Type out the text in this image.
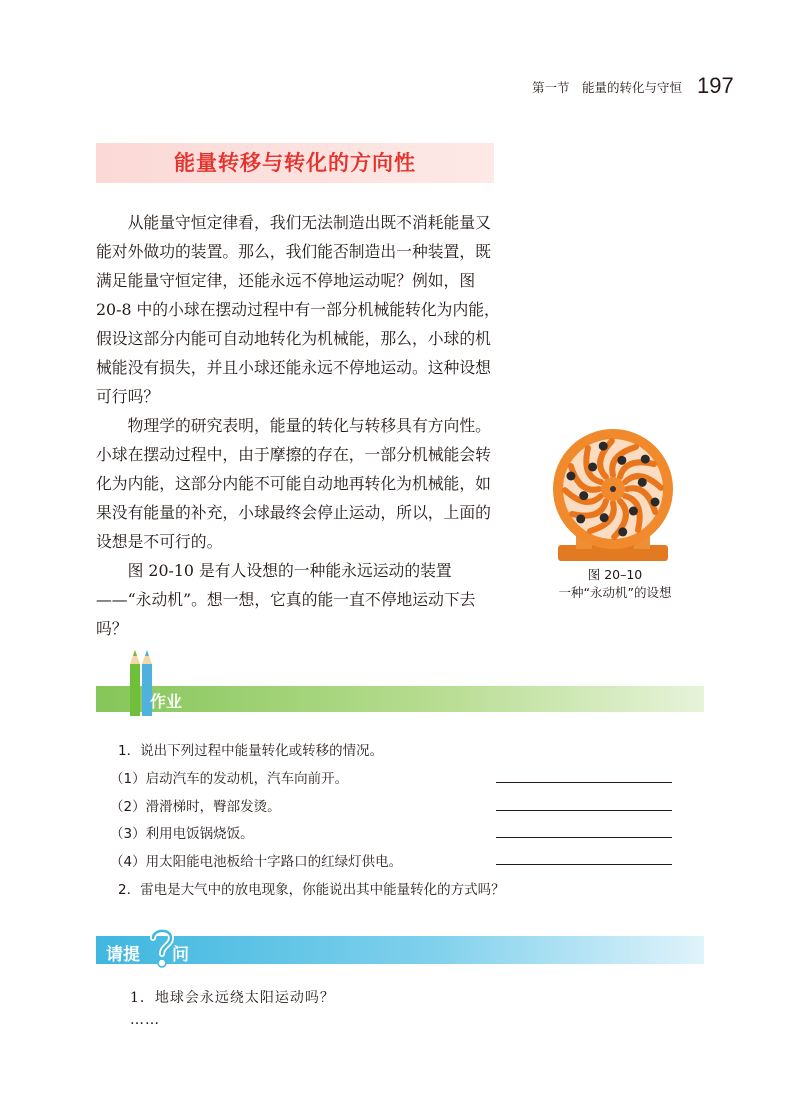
第一节　能量的转化与守恒 197
能量转移与转化的方向性

从能量守恒定律看，我们无法制造出既不消耗能量又能对外做功的装置。那么，我们能否制造出一种装置，既满足能量守恒定律，还能永远不停地运动呢？例如，图 20-8 中的小球在摆动过程中有一部分机械能转化为内能，假设这部分内能可自动地转化为机械能，那么，小球的机械能没有损失，并且小球还能永远不停地运动。这种设想可行吗？

物理学的研究表明，能量的转化与转移具有方向性。小球在摆动过程中，由于摩擦的存在，一部分机械能会转化为内能，这部分内能不可能自动地再转化为机械能，如果没有能量的补充，小球最终会停止运动，所以，上面的设想是不可行的。

图 20-10 是有人设想的一种能永远运动的装置——“永动机”。想一想，它真的能一直不停地运动下去吗？

图 20–10
一种“永动机”的设想
作业
1．说出下列过程中能量转化或转移的情况。
（1）启动汽车的发动机，汽车向前开。
（2）滑滑梯时，臀部发烫。
（3）利用电饭锅烧饭。
（4）用太阳能电池板给十字路口的红绿灯供电。
2．雷电是大气中的放电现象，你能说出其中能量转化的方式吗？
请提 问
1．地球会永远绕太阳运动吗？
……
